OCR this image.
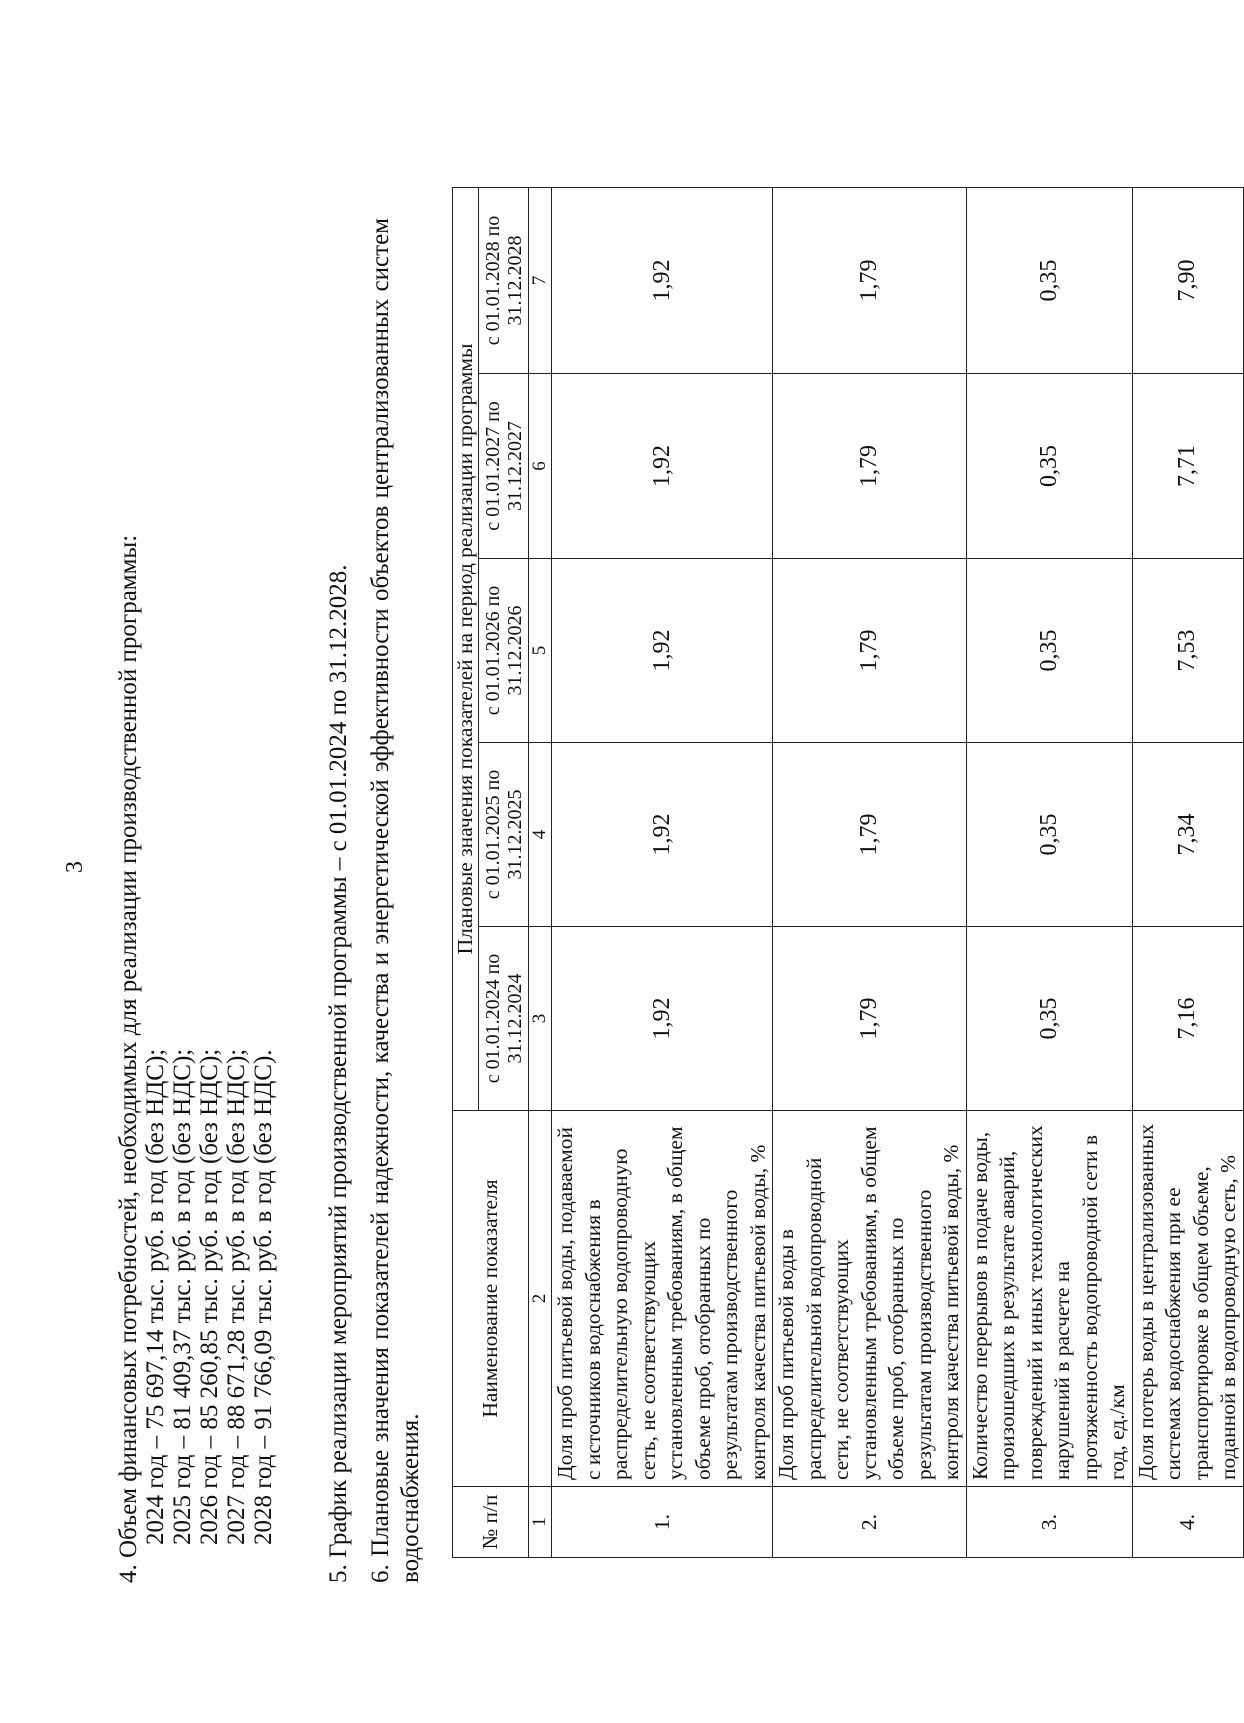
3 4. Объем финансовых потребностей, необходимых для реализации производственной программы: 2024 год – 75 697,14 тыс. руб. в год (без НДС); 2025 год – 81 409,37 тыс. руб. в год (без НДС); 2026 год – 85 260,85 тыс. руб. в год (без НДС); 2027 год – 88 671,28 тыс. руб. в год (без НДС); 2028 год – 91 766,09 тыс. руб. в год (без НДС). 5. График реализации мероприятий производственной программы – с 01.01.2024 по 31.12.2028. 6. Плановые значения показателей надежности, качества и энергетической эффективности объектов централизованных систем водоснабжения.	№ п/п	Наименование показателя	Плановые значения показателей на период реализации программы				
		с 01.01.2024 по 31.12.2024	с 01.01.2025 по 31.12.2025	с 01.01.2026 по 31.12.2026	с 01.01.2027 по 31.12.2027	с 01.01.2028 по 31.12.2028
1	2	3	4	5	6	7
1.	Доля проб питьевой воды, подаваемой с источников водоснабжения в распределительную водопроводную сеть, не соответствующих установленным требованиям, в общем объеме проб, отобранных по результатам производственного контроля качества питьевой воды, %	1,92	1,92	1,92	1,92	1,92
2.	Доля проб питьевой воды в распределительной водопроводной сети, не соответствующих установленным требованиям, в общем объеме проб, отобранных по результатам производственного контроля качества питьевой воды, %	1,79	1,79	1,79	1,79	1,79
3.	Количество перерывов в подаче воды, произошедших в результате аварий, повреждений и иных технологических нарушений в расчете на протяженность водопроводной сети в год, ед./км	0,35	0,35	0,35	0,35	0,35
4.	Доля потерь воды в централизованных системах водоснабжения при ее транспортировке в общем объеме, поданной в водопроводную сеть, %	7,16	7,34	7,53	7,71	7,90
